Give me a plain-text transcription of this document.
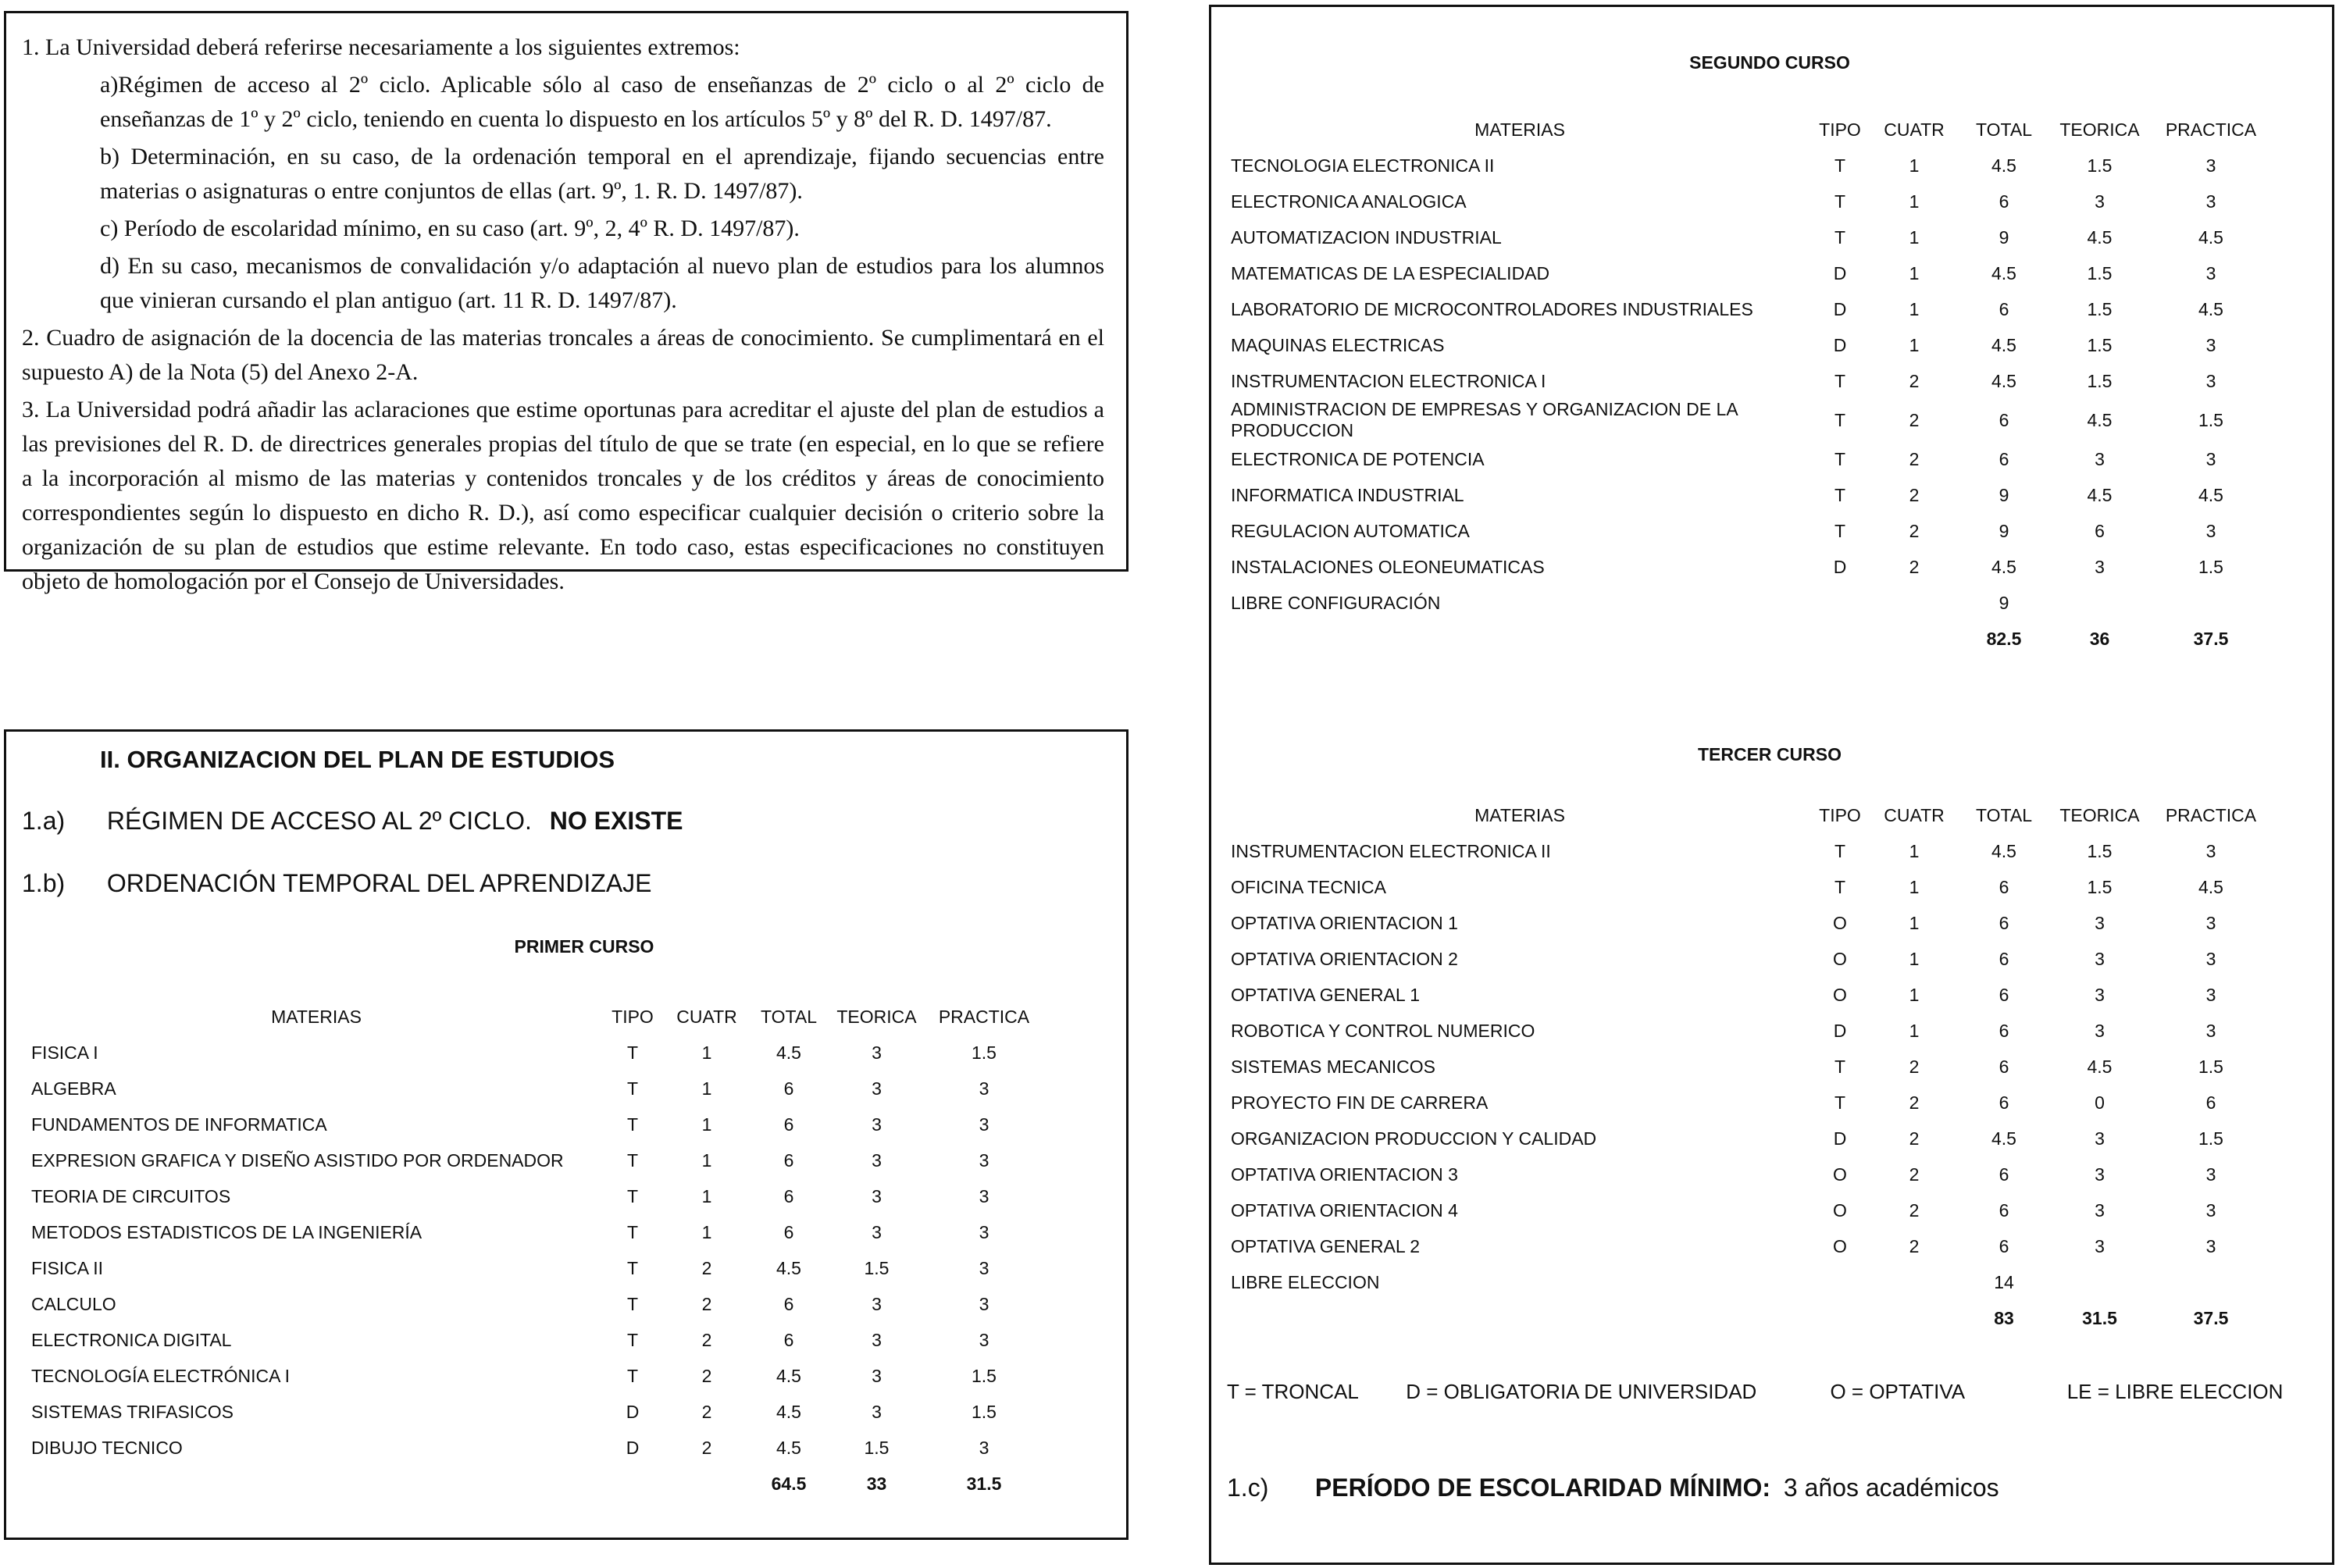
1. La Universidad deberá referirse necesariamente a los siguientes extremos:

a)Régimen de acceso al 2º ciclo. Aplicable sólo al caso de enseñanzas de 2º ciclo o al 2º ciclo de enseñanzas de 1º y 2º ciclo, teniendo en cuenta lo dispuesto en los artículos 5º y 8º del R. D. 1497/87.

b) Determinación, en su caso, de la ordenación temporal en el aprendizaje, fijando secuencias entre materias o asignaturas o entre conjuntos de ellas (art. 9º, 1. R. D. 1497/87).

c) Período de escolaridad mínimo, en su caso (art. 9º, 2, 4º R. D. 1497/87).

d) En su caso, mecanismos de convalidación y/o adaptación al nuevo plan de estudios para los alumnos que vinieran cursando el plan antiguo (art. 11 R. D. 1497/87).

2. Cuadro de asignación de la docencia de las materias troncales a áreas de conocimiento. Se cumplimentará en el supuesto A) de la Nota (5) del Anexo 2-A.

3. La Universidad podrá añadir las aclaraciones que estime oportunas para acreditar el ajuste del plan de estudios a las previsiones del R. D. de directrices generales propias del título de que se trate (en especial, en lo que se refiere a la incorporación al mismo de las materias y contenidos troncales y de los créditos y áreas de conocimiento correspondientes según lo dispuesto en dicho R. D.), así como especificar cualquier decisión o criterio sobre la organización de su plan de estudios que estime relevante. En todo caso, estas especificaciones no constituyen objeto de homologación por el Consejo de Universidades.

II. ORGANIZACION DEL PLAN DE ESTUDIOS
1.a) RÉGIMEN DE ACCESO AL 2º CICLO. NO EXISTE
1.b) ORDENACIÓN TEMPORAL DEL APRENDIZAJE
PRIMER CURSO
MATERIAS	TIPO	CUATR	TOTAL	TEORICA	PRACTICA
FISICA I	T	1	4.5	3	1.5
ALGEBRA	T	1	6	3	3
FUNDAMENTOS DE INFORMATICA	T	1	6	3	3
EXPRESION GRAFICA Y DISEÑO ASISTIDO POR ORDENADOR	T	1	6	3	3
TEORIA DE CIRCUITOS	T	1	6	3	3
METODOS ESTADISTICOS DE LA INGENIERÍA	T	1	6	3	3
FISICA II	T	2	4.5	1.5	3
CALCULO	T	2	6	3	3
ELECTRONICA DIGITAL	T	2	6	3	3
TECNOLOGÍA ELECTRÓNICA I	T	2	4.5	3	1.5
SISTEMAS TRIFASICOS	D	2	4.5	3	1.5
DIBUJO TECNICO	D	2	4.5	1.5	3
			64.5	33	31.5
SEGUNDO CURSO
MATERIAS	TIPO	CUATR	TOTAL	TEORICA	PRACTICA
TECNOLOGIA ELECTRONICA II	T	1	4.5	1.5	3
ELECTRONICA ANALOGICA	T	1	6	3	3
AUTOMATIZACION INDUSTRIAL	T	1	9	4.5	4.5
MATEMATICAS DE LA ESPECIALIDAD	D	1	4.5	1.5	3
LABORATORIO DE MICROCONTROLADORES INDUSTRIALES	D	1	6	1.5	4.5
MAQUINAS ELECTRICAS	D	1	4.5	1.5	3
INSTRUMENTACION ELECTRONICA I	T	2	4.5	1.5	3
ADMINISTRACION DE EMPRESAS Y ORGANIZACION DE LA PRODUCCION	T	2	6	4.5	1.5
ELECTRONICA DE POTENCIA	T	2	6	3	3
INFORMATICA INDUSTRIAL	T	2	9	4.5	4.5
REGULACION AUTOMATICA	T	2	9	6	3
INSTALACIONES OLEONEUMATICAS	D	2	4.5	3	1.5
LIBRE CONFIGURACIÓN			9		
			82.5	36	37.5
TERCER CURSO
MATERIAS	TIPO	CUATR	TOTAL	TEORICA	PRACTICA
INSTRUMENTACION ELECTRONICA II	T	1	4.5	1.5	3
OFICINA TECNICA	T	1	6	1.5	4.5
OPTATIVA ORIENTACION 1	O	1	6	3	3
OPTATIVA ORIENTACION 2	O	1	6	3	3
OPTATIVA GENERAL 1	O	1	6	3	3
ROBOTICA Y CONTROL NUMERICO	D	1	6	3	3
SISTEMAS MECANICOS	T	2	6	4.5	1.5
PROYECTO FIN DE CARRERA	T	2	6	0	6
ORGANIZACION PRODUCCION Y CALIDAD	D	2	4.5	3	1.5
OPTATIVA ORIENTACION 3	O	2	6	3	3
OPTATIVA ORIENTACION 4	O	2	6	3	3
OPTATIVA GENERAL 2	O	2	6	3	3
LIBRE ELECCION			14		
			83	31.5	37.5
T = TRONCAL D = OBLIGATORIA DE UNIVERSIDAD	O = OPTATIVA	LE = LIBRE ELECCION
1.c) PERÍODO DE ESCOLARIDAD MÍNIMO: 3 años académicos
